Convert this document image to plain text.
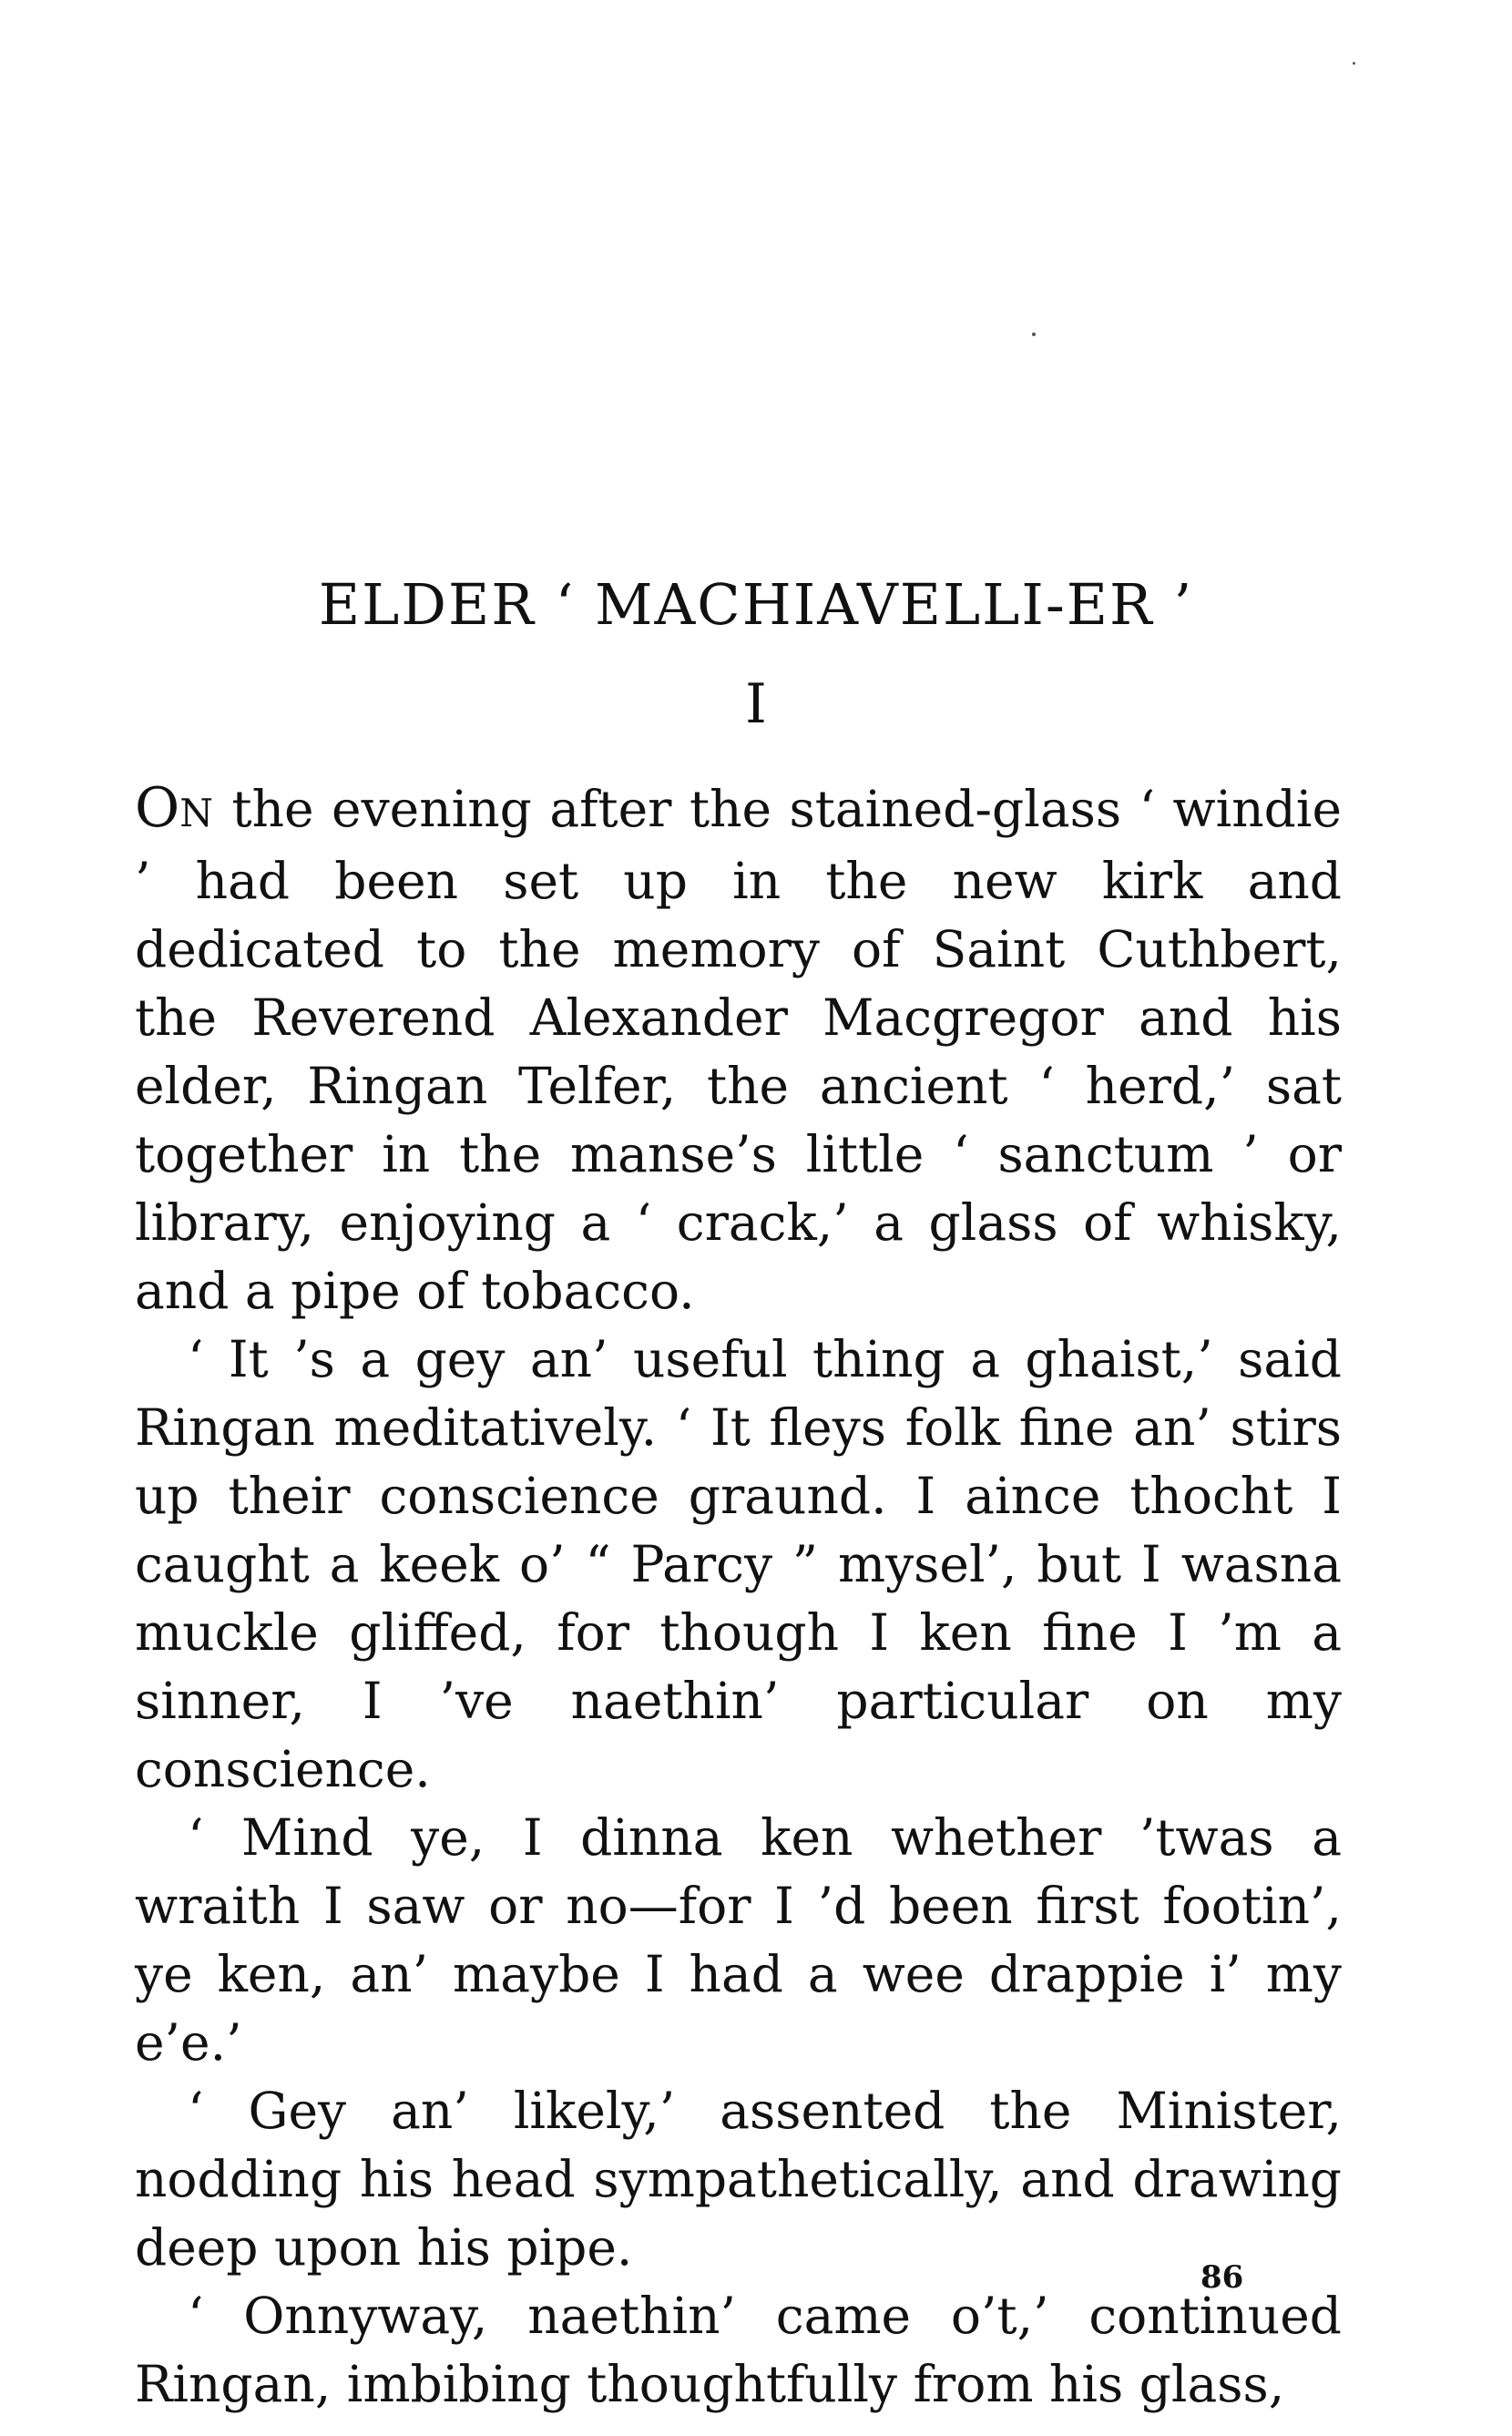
ELDER ‘ MACHIAVELLI-ER ’
I

ON the evening after the stained-glass ‘ windie ’ had been set up in the new kirk and dedicated to the memory of Saint Cuthbert, the Reverend Alexander Macgregor and his elder, Ringan Telfer, the ancient ‘ herd,’ sat together in the manse’s little ‘ sanctum ’ or library, enjoying a ‘ crack,’ a glass of whisky, and a pipe of tobacco.

‘ It ’s a gey an’ useful thing a ghaist,’ said Ringan meditatively. ‘ It fleys folk fine an’ stirs up their conscience graund. I aince thocht I caught a keek o’ “ Parcy ” mysel’, but I wasna muckle gliffed, for though I ken fine I ’m a sinner, I ’ve naethin’ particular on my conscience.

‘ Mind ye, I dinna ken whether ’twas a wraith I saw or no—for I ’d been first footin’, ye ken, an’ maybe I had a wee drappie i’ my e’e.’

‘ Gey an’ likely,’ assented the Minister, nodding his head sympathetically, and drawing deep upon his pipe.

‘ Onnyway, naethin’ came o’t,’ continued Ringan, imbibing thoughtfully from his glass,

86
